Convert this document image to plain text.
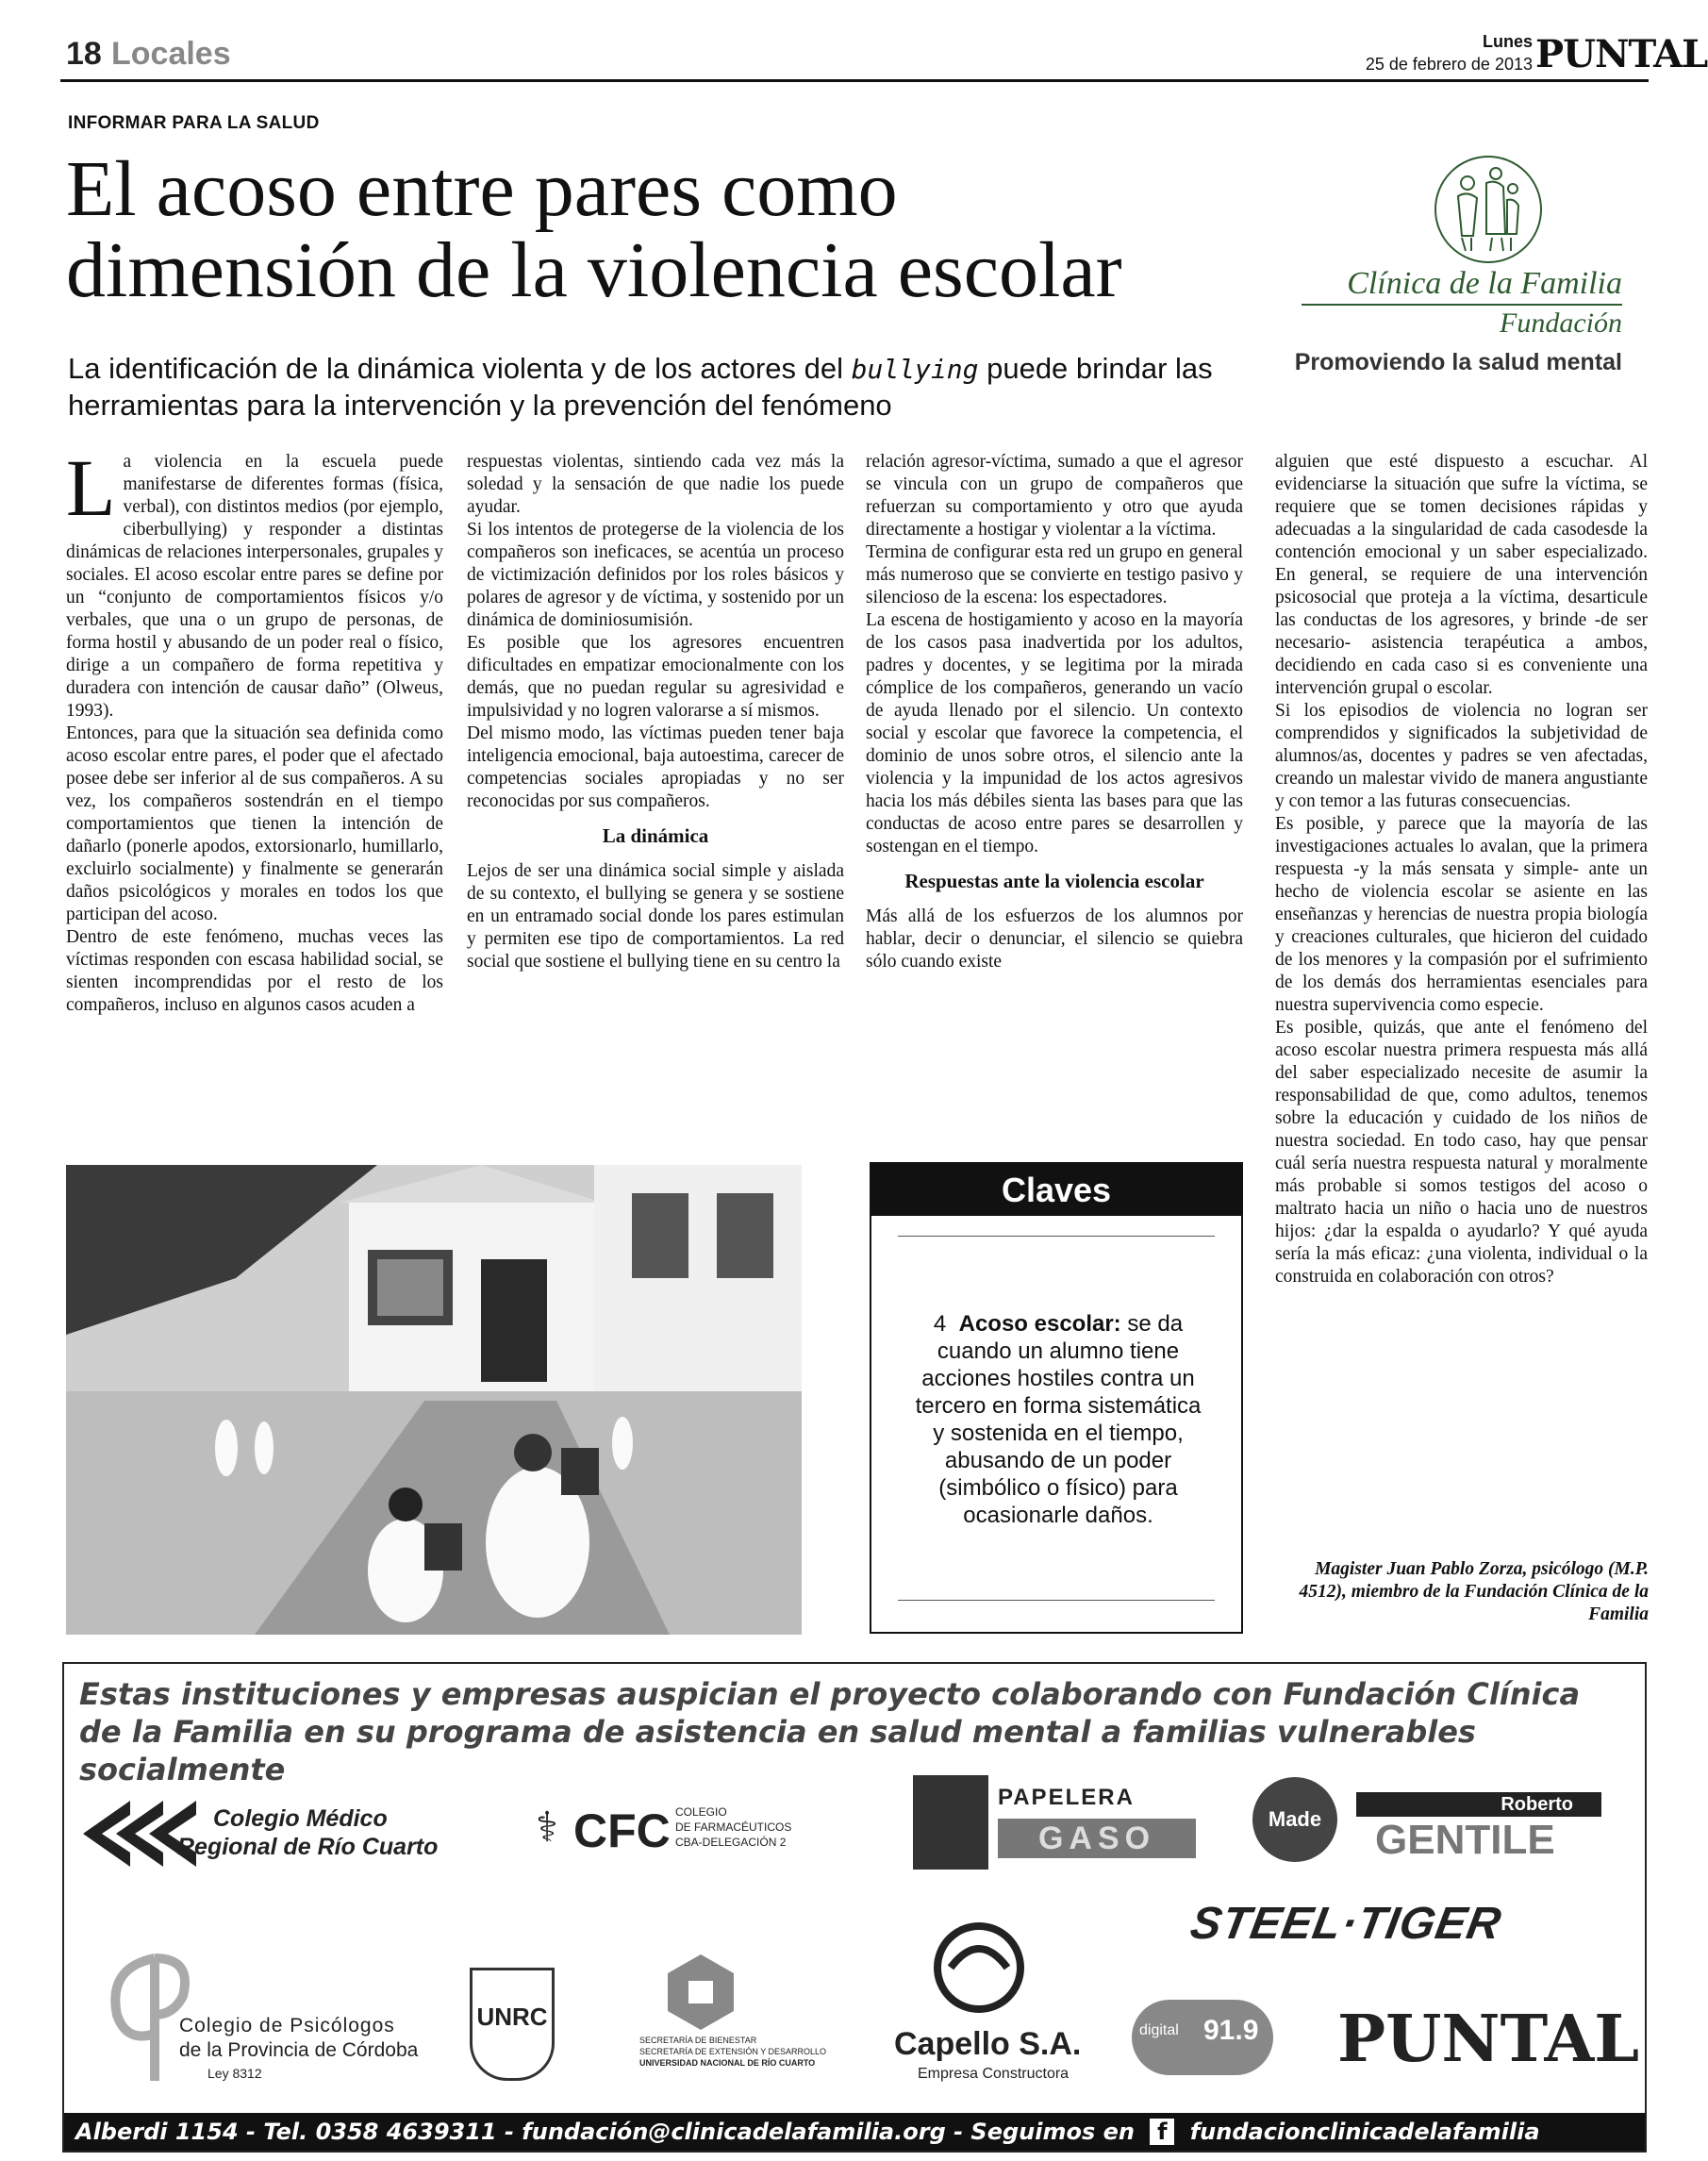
18 Locales	Lunes
25 de febrero de 2013 PUNTAL
INFORMAR PARA LA SALUD
El acoso entre pares como
dimensión de la violencia escolar
La identificación de la dinámica violenta y de los actores del bullying puede brindar las herramientas para la intervención y la prevención del fenómeno
Clínica de la Familia
Fundación
Promoviendo la salud mental

La violencia en la escuela puede manifestarse de diferentes formas (física, verbal), con distintos medios (por ejemplo, ciberbullying) y responder a distintas dinámicas de relaciones interpersonales, grupales y sociales. El acoso escolar entre pares se define por un “conjunto de comportamientos físicos y/o verbales, que una o un grupo de personas, de forma hostil y abusando de un poder real o físico, dirige a un compañero de forma repetitiva y duradera con intención de causar daño” (Olweus, 1993).

Entonces, para que la situación sea definida como acoso escolar entre pares, el poder que el afectado posee debe ser inferior al de sus compañeros. A su vez, los compañeros sostendrán en el tiempo comportamientos que tienen la intención de dañarlo (ponerle apodos, extorsionarlo, humillarlo, excluirlo socialmente) y finalmente se generarán daños psicológicos y morales en todos los que participan del acoso.

Dentro de este fenómeno, muchas veces las víctimas responden con escasa habilidad social, se sienten incomprendidas por el resto de los compañeros, incluso en algunos casos acuden a

respuestas violentas, sintiendo cada vez más la soledad y la sensación de que nadie los puede ayudar.

Si los intentos de protegerse de la violencia de los compañeros son ineficaces, se acentúa un proceso de victimización definidos por los roles básicos y polares de agresor y de víctima, y sostenido por un dinámica de dominiosumisión.

Es posible que los agresores encuentren dificultades en empatizar emocionalmente con los demás, que no puedan regular su agresividad e impulsividad y no logren valorarse a sí mismos.

Del mismo modo, las víctimas pueden tener baja inteligencia emocional, baja autoestima, carecer de competencias sociales apropiadas y no ser reconocidas por sus compañeros.

La dinámica

Lejos de ser una dinámica social simple y aislada de su contexto, el bullying se genera y se sostiene en un entramado social donde los pares estimulan y permiten ese tipo de comportamientos. La red social que sostiene el bullying tiene en su centro la

relación agresor-víctima, sumado a que el agresor se vincula con un grupo de compañeros que refuerzan su comportamiento y otro que ayuda directamente a hostigar y violentar a la víctima.

Termina de configurar esta red un grupo en general más numeroso que se convierte en testigo pasivo y silencioso de la escena: los espectadores.

La escena de hostigamiento y acoso en la mayoría de los casos pasa inadvertida por los adultos, padres y docentes, y se legitima por la mirada cómplice de los compañeros, generando un vacío de ayuda llenado por el silencio. Un contexto social y escolar que favorece la competencia, el dominio de unos sobre otros, el silencio ante la violencia y la impunidad de los actos agresivos hacia los más débiles sienta las bases para que las conductas de acoso entre pares se desarrollen y sostengan en el tiempo.

Respuestas ante la violencia escolar

Más allá de los esfuerzos de los alumnos por hablar, decir o denunciar, el silencio se quiebra sólo cuando existe

alguien que esté dispuesto a escuchar. Al evidenciarse la situación que sufre la víctima, se requiere que se tomen decisiones rápidas y adecuadas a la singularidad de cada casodesde la contención emocional y un saber especializado. En general, se requiere de una intervención psicosocial que proteja a la víctima, desarticule las conductas de los agresores, y brinde -de ser necesario- asistencia terapéutica a ambos, decidiendo en cada caso si es conveniente una intervención grupal o escolar.

Si los episodios de violencia no logran ser comprendidos y significados la subjetividad de alumnos/as, docentes y padres se ven afectadas, creando un malestar vivido de manera angustiante y con temor a las futuras consecuencias.

Es posible, y parece que la mayoría de las investigaciones actuales lo avalan, que la primera respuesta -y la más sensata y simple- ante un hecho de violencia escolar se asiente en las enseñanzas y herencias de nuestra propia biología y creaciones culturales, que hicieron del cuidado de los menores y la compasión por el sufrimiento de los demás dos herramientas esenciales para nuestra supervivencia como especie.

Es posible, quizás, que ante el fenómeno del acoso escolar nuestra primera respuesta más allá del saber especializado necesite de asumir la responsabilidad de que, como adultos, tenemos sobre la educación y cuidado de los niños de nuestra sociedad. En todo caso, hay que pensar cuál sería nuestra respuesta natural y moralmente más probable si somos testigos del acoso o maltrato hacia un niño o hacia uno de nuestros hijos: ¿dar la espalda o ayudarlo? Y qué ayuda sería la más eficaz: ¿una violenta, individual o la construida en colaboración con otros?

Magister Juan Pablo Zorza, psicólogo (M.P. 4512), miembro de la Fundación Clínica de la Familia
Claves
4 Acoso escolar: se da cuando un alumno tiene acciones hostiles contra un tercero en forma sistemática y sostenida en el tiempo, abusando de un poder (simbólico o físico) para ocasionarle daños.
Estas instituciones y empresas auspician el proyecto colaborando con Fundación Clínica de la Familia en su programa de asistencia en salud mental a familias vulnerables socialmente
Colegio Médico
Regional de Río Cuarto ⚕ CFC COLEGIO
DE FARMACÉUTICOS
CBA-DELEGACIÓN 2
PAPELERA
GASO
Made
Roberto
GENTILE
STEEL·TIGER
Colegio de Psicólogos
de la Provincia de Córdoba
Ley 8312
UNRC
SECRETARÍA DE BIENESTAR
SECRETARÍA DE EXTENSIÓN Y DESARROLLO
UNIVERSIDAD NACIONAL DE RÍO CUARTO
Capello S.A.
Empresa Constructora
digital 91.9 PUNTAL
Alberdi 1154 - Tel. 0358 4639311 - fundación@clinicadelafamilia.org - Seguimos en f fundacionclinicadelafamilia
